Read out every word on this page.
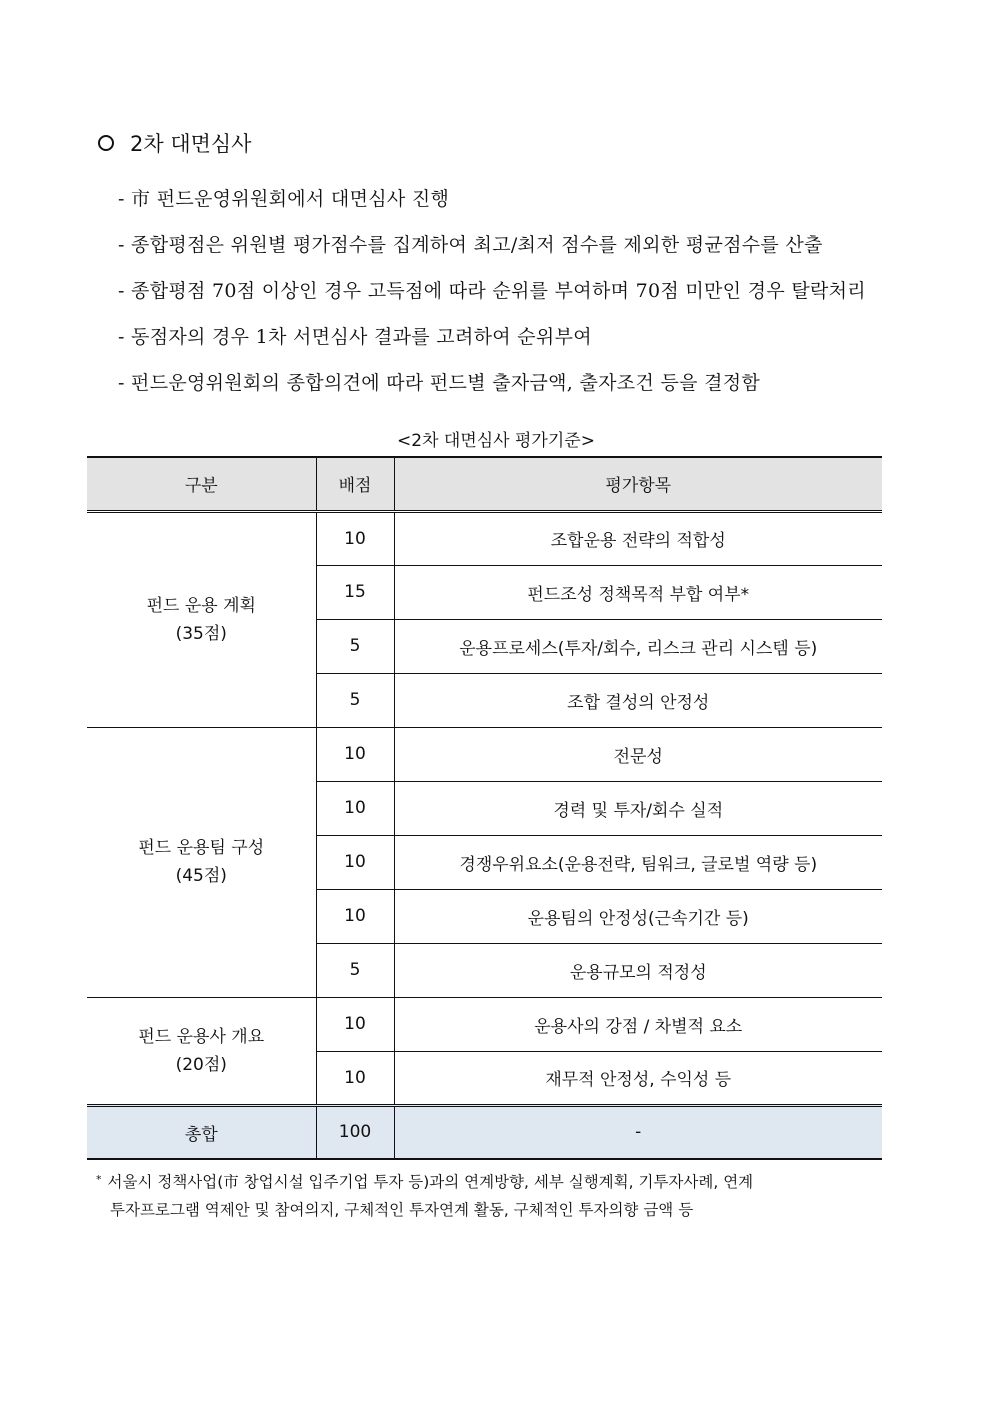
2차 대면심사
- 市 펀드운영위원회에서 대면심사 진행
- 종합평점은 위원별 평가점수를 집계하여 최고/최저 점수를 제외한 평균점수를 산출
- 종합평점 70점 이상인 경우 고득점에 따라 순위를 부여하며 70점 미만인 경우 탈락처리
- 동점자의 경우 1차 서면심사 결과를 고려하여 순위부여
- 펀드운영위원회의 종합의견에 따라 펀드별 출자금액, 출자조건 등을 결정함
<2차 대면심사 평가기준>
구분	배점	평가항목

펀드 운용 계획
(35점)	10	조합운용 전략의 적합성
	15	펀드조성 정책목적 부합 여부*
	5	운용프로세스(투자/회수, 리스크 관리 시스템 등)
	5	조합 결성의 안정성

펀드 운용팀 구성
(45점)	10	전문성
	10	경력 및 투자/회수 실적
	10	경쟁우위요소(운용전략, 팀워크, 글로벌 역량 등)
	10	운용팀의 안정성(근속기간 등)
	5	운용규모의 적정성

펀드 운용사 개요
(20점)	10	운용사의 강점 / 차별적 요소
	10	재무적 안정성, 수익성 등
총합	100	-
* 서울시 정책사업(市 창업시설 입주기업 투자 등)과의 연계방향, 세부 실행계획, 기투자사례, 연계
투자프로그램 역제안 및 참여의지, 구체적인 투자연계 활동, 구체적인 투자의향 금액 등
